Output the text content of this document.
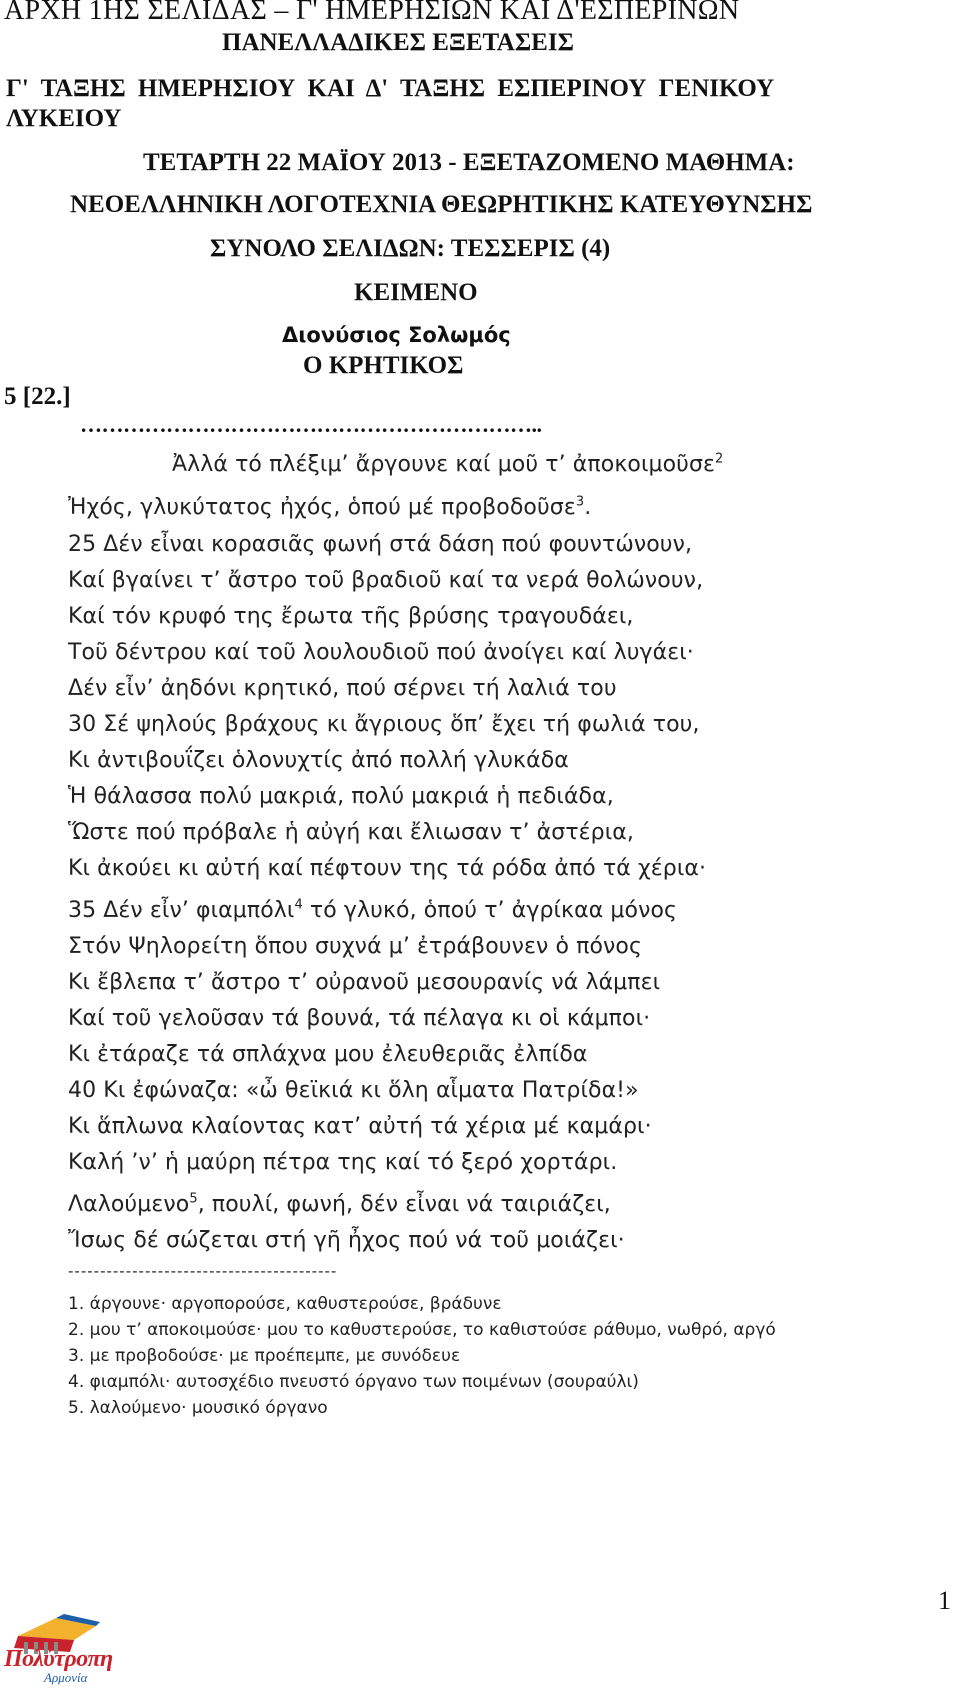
ΑΡΧΗ 1ΗΣ ΣΕΛΙΔΑΣ – Γ' ΗΜΕΡΗΣΙΩΝ ΚΑΙ Δ'ΕΣΠΕΡΙΝΩΝ
ΠΑΝΕΛΛΑΔΙΚΕΣ ΕΞΕΤΑΣΕΙΣ
Γ' ΤΑΞΗΣ ΗΜΕΡΗΣΙΟΥ ΚΑΙ Δ' ΤΑΞΗΣ ΕΣΠΕΡΙΝΟΥ ΓΕΝΙΚΟΥ
ΛΥΚΕΙΟΥ
ΤΕΤΑΡΤΗ 22 ΜΑΪΟΥ 2013 - ΕΞΕΤΑΖΟΜΕΝΟ ΜΑΘΗΜΑ:
ΝΕΟΕΛΛΗΝΙΚΗ ΛΟΓΟΤΕΧΝΙΑ ΘΕΩΡΗΤΙΚΗΣ ΚΑΤΕΥΘΥΝΣΗΣ
ΣΥΝΟΛΟ ΣΕΛΙΔΩΝ: ΤΕΣΣΕΡΙΣ (4)
ΚΕΙΜΕΝΟ
Διονύσιος Σολωμός
Ο ΚΡΗΤΙΚΟΣ
5 [22.]
………………………………………………………..
Ἀλλά τό πλέξιμ’ ἄργουνε καί μοῦ τ’ ἀποκοιμοῦσε$^2$
Ἠχός, γλυκύτατος ἠχός, ὁπού μέ προβοδοῦσε$^3$.
25 Δέν εἶναι κορασιᾶς φωνή στά δάση πού φουντώνουν,
Καί βγαίνει τ’ ἄστρο τοῦ βραδιοῦ καί τα νερά θολώνουν,
Καί τόν κρυφό της ἔρωτα τῆς βρύσης τραγουδάει,
Τοῦ δέντρου καί τοῦ λουλουδιοῦ πού ἀνοίγει καί λυγάει·
Δέν εἶν’ ἀηδόνι κρητικό, πού σέρνει τή λαλιά του
30 Σέ ψηλούς βράχους κι ἄγριους ὅπ’ ἔχει τή φωλιά του,
Κι ἀντιβουΐζει ὁλονυχτίς ἀπό πολλή γλυκάδα
Ἡ θάλασσα πολύ μακριά, πολύ μακριά ἡ πεδιάδα,
Ὥστε πού πρόβαλε ἡ αὐγή και ἔλιωσαν τ’ ἀστέρια,
Κι ἀκούει κι αὐτή καί πέφτουν της τά ρόδα ἀπό τά χέρια·
35 Δέν εἶν’ φιαμπόλι$^4$ τό γλυκό, ὁπού τ’ ἀγρίκαα μόνος
Στόν Ψηλορείτη ὅπου συχνά μ’ ἐτράβουνεν ὁ πόνος
Κι ἔβλεπα τ’ ἄστρο τ’ οὐρανοῦ μεσουρανίς νά λάμπει
Καί τοῦ γελοῦσαν τά βουνά, τά πέλαγα κι οἱ κάμποι·
Κι ἐτάραζε τά σπλάχνα μου ἐλευθεριᾶς ἐλπίδα
40 Κι ἐφώναζα: «ὦ θεϊκιά κι ὅλη αἷματα Πατρίδα!»
Κι ἅπλωνα κλαίοντας κατ’ αὐτή τά χέρια μέ καμάρι·
Καλή ’ν’ ἡ μαύρη πέτρα της καί τό ξερό χορτάρι.
Λαλούμενο$^5$, πουλί, φωνή, δέν εἶναι νά ταιριάζει,
Ἴσως δέ σώζεται στή γῆ ἦχος πού νά τοῦ μοιάζει·
------------------------------------------
1. άργουνε· αργοπορούσε, καθυστερούσε, βράδυνε
2. μου τ’ αποκοιμούσε· μου το καθυστερούσε, το καθιστούσε ράθυμο, νωθρό, αργό
3. με προβοδούσε· με προέπεμπε, με συνόδευε
4. φιαμπόλι· αυτοσχέδιο πνευστό όργανο των ποιμένων (σουραύλι)
5. λαλούμενο· μουσικό όργανο
1
Πολύτροπη
Αρμονία
